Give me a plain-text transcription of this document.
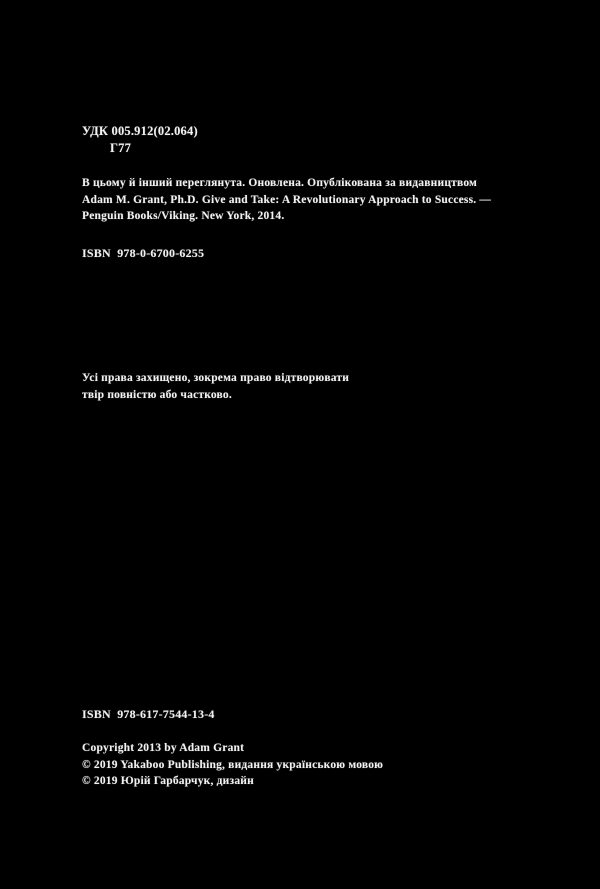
УДК 005.912(02.064)
Г77
В цьому й інший переглянута. Оновлена. Опублікована за видавництвом
Adam M. Grant, Ph.D. Give and Take: A Revolutionary Approach to Success. —
Penguin Books/Viking. New York, 2014.
ISBN  978-0-6700-6255
Усі права захищено, зокрема право відтворювати
твір повністю або частково.
ISBN  978-617-7544-13-4
Copyright 2013 by Adam Grant
© 2019 Yakaboo Publishing, видання українською мовою
© 2019 Юрій Гарбарчук, дизайн
